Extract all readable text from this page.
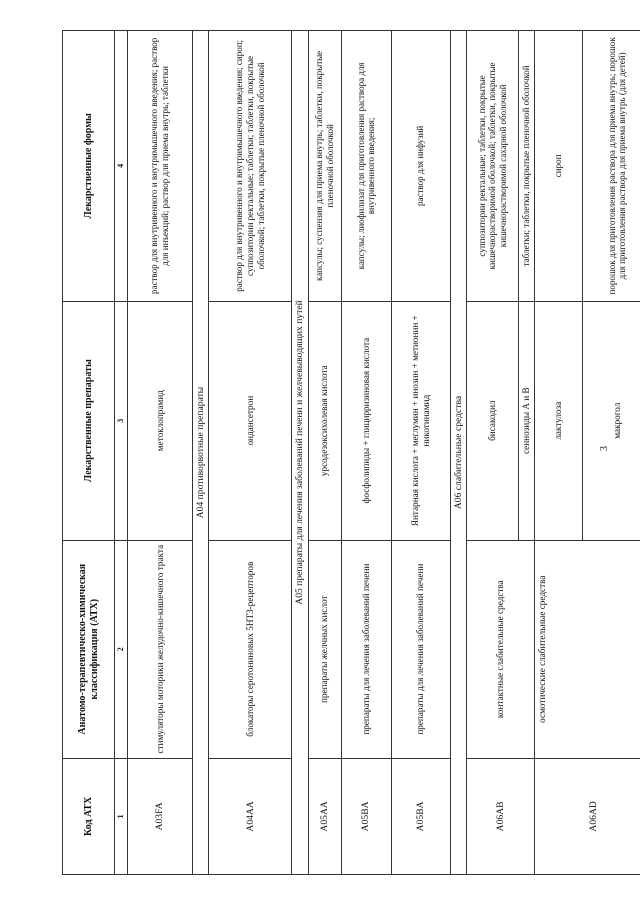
3
Код АТХ	Анатомо-терапевтическо-химическая классификация (АТХ)	Лекарственные препараты	Лекарственные формы
1	2	3	4
A03FA	стимуляторы моторики желудочно-кишечного тракта	метоклопрамид	раствор для внутривенного и внутримышечного введения; раствор для инъекций; раствор для приема внутрь; таблетки
A04 противорвотные препараты			
A04AA	блокаторы серотониновых 5HT3-рецепторов	ондансетрон	раствор для внутривенного и внутримышечного введения; сироп; суппозитории ректальные; таблетки; таблетки, покрытые оболочкой; таблетки, покрытые пленочной оболочкой
A05 препараты для лечения заболеваний печени и желчевыводящих путей			
A05AA	препараты желчных кислот	урсодезоксихолевая кислота	капсулы; суспензия для приема внутрь; таблетки, покрытые пленочной оболочкой
A05BA	препараты для лечения заболеваний печени	фосфолипиды + глицирризиновая кислота	капсулы; лиофилизат для приготовления раствора для внутривенного введения;
A05BA	препараты для лечения заболеваний печени	Янтарная кислота + меглумин + инозин + метионин + никотинамид	раствор для инфузий
A06 слабительные средства			
A06AB	контактные слабительные средства	бисакодил	суппозитории ректальные; таблетки, покрытые кишечнорастворимой оболочкой; таблетки, покрытые кишечнорастворимой сахарной оболочкой
		сеннозиды А и В	таблетки; таблетки, покрытые пленочной оболочкой
A06AD	осмотические слабительные средства	лактулоза	сироп
		макрогол	порошок для приготовления раствора для приема внутрь; порошок для приготовления раствора для приема внутрь (для детей)
